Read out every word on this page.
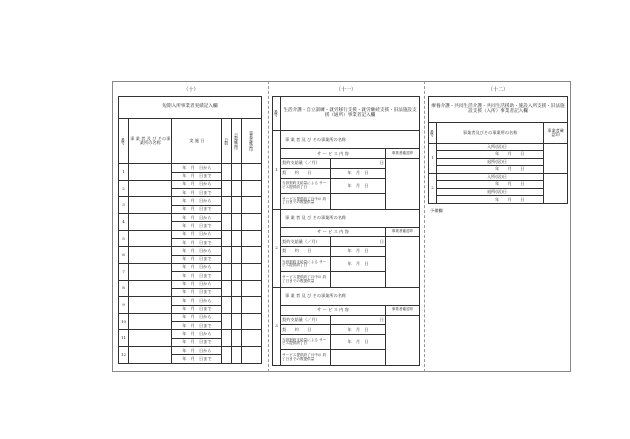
（十）
短期入所事業者実績記入欄					
番号	事 業 者 及 び その事業所の名称	実 施 日	日数	日数確認印	事業者確認印
1		年　月　日から			
		年　月　日まで			
2		年　月　日から			
		年　月　日まで			
3		年　月　日から			
		年　月　日まで			
4		年　月　日から			
		年　月　日まで			
5		年　月　日から			
		年　月　日まで			
6		年　月　日から			
		年　月　日まで			
7		年　月　日から			
		年　月　日まで			
8		年　月　日から			
		年　月　日まで			
9		年　月　日から			
		年　月　日まで			
10		年　月　日から			
		年　月　日まで			
11		年　月　日から			
		年　月　日まで			
12		年　月　日から			
		年　月　日まで			
（十一）
番号	生活介護・自立訓練・就労移行支援・就労継続支援・旧法施設支援（通所）事業者記入欄		
1	事 業 者 及 び その事業所の名称		
	サ ー ビ ス 内 容		事業者確認印
	契約支給量（／月）	日	
	契　　約　　日	年　月　日	
	当該契約支給量による サービス提供終了日	年　月　日	
	サービス提供終了月中の 終了日までの既提供量		
2	事 業 者 及 び その事業所の名称		
	サ ー ビ ス 内 容		事業者確認印
	契約支給量（／月）	日	
	契　　約　　日	年　月　日	
	当該契約支給量による サービス提供終了日	年　月　日	
	サービス提供終了月中の 終了日までの既提供量		
3	事 業 者 及 び その事業所の名称		
	サ ー ビ ス 内 容		事業者確認印
	契約支給量（／月）	日	
	契　　約　　日	年　月　日	
	当該契約支給量による サービス提供終了日	年　月　日	
	サービス提供終了月中の 終了日までの既提供量		
（十二）
療養介護・共同生活介護・共同生活援助・施設入所支援・旧法施設支援（入所）事業者記入欄		
番号	事業者及びその事業所の名称	事業者確認印
1	入所(居)日	
	年　　月　　日	
	退所(居)日	
	年　　月　　日	
2	入所(居)日	
	年　　月　　日	
	退所(居)日	
	年　　月　　日	
予備欄
